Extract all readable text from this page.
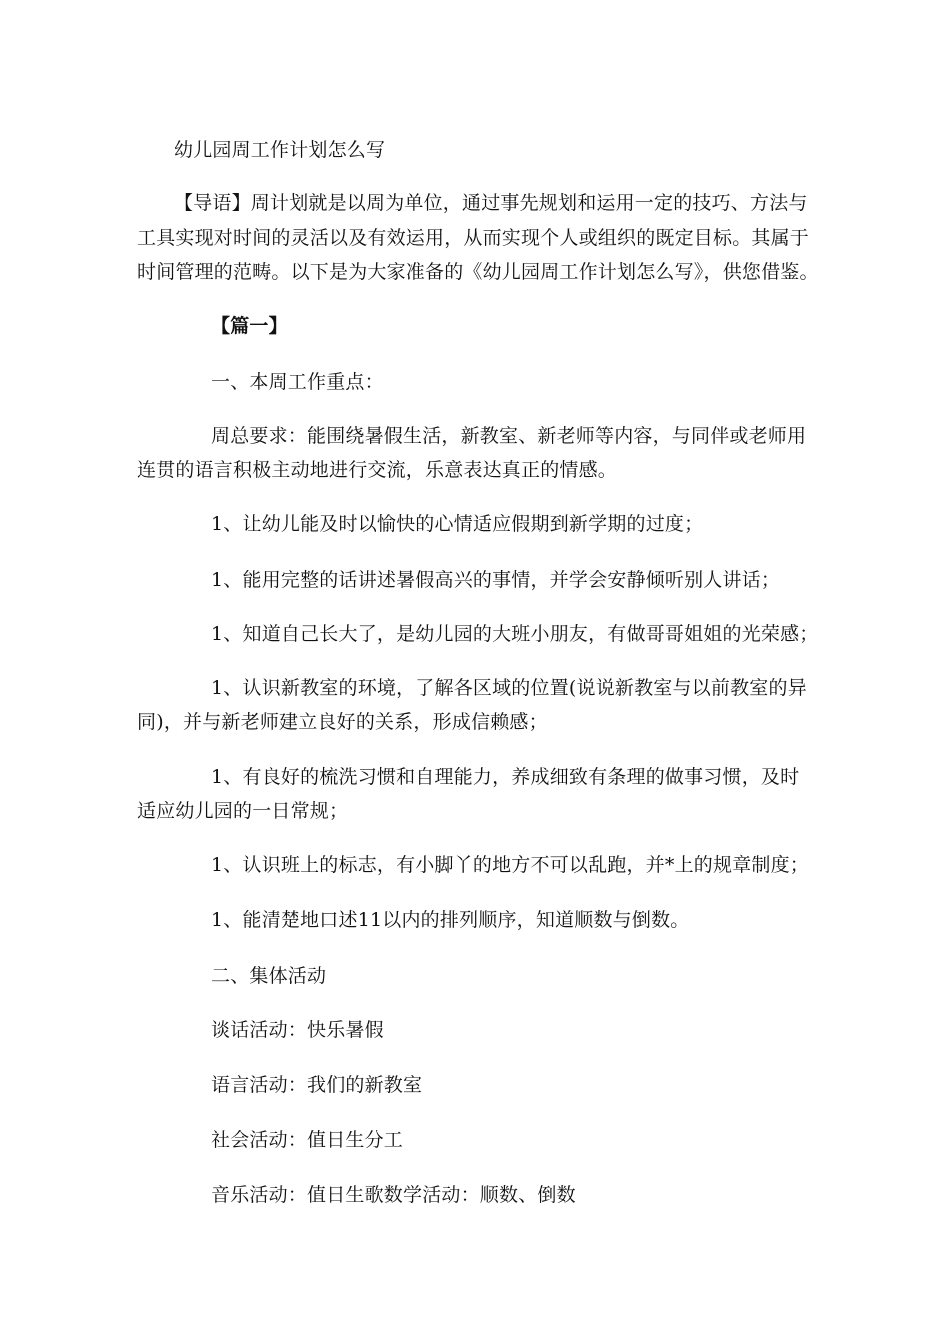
幼儿园周工作计划怎么写
【导语】周计划就是以周为单位，通过事先规划和运用一定的技巧、方法与
工具实现对时间的灵活以及有效运用，从而实现个人或组织的既定目标。其属于
时间管理的范畴。以下是为大家准备的《幼儿园周工作计划怎么写》，供您借鉴。
【篇一】
一、本周工作重点：
周总要求：能围绕暑假生活，新教室、新老师等内容，与同伴或老师用
连贯的语言积极主动地进行交流，乐意表达真正的情感。
1、让幼儿能及时以愉快的心情适应假期到新学期的过度；
1、能用完整的话讲述暑假高兴的事情，并学会安静倾听别人讲话；
1、知道自己长大了，是幼儿园的大班小朋友，有做哥哥姐姐的光荣感；
1、认识新教室的环境，了解各区域的位置(说说新教室与以前教室的异
同)，并与新老师建立良好的关系，形成信赖感；
1、有良好的梳洗习惯和自理能力，养成细致有条理的做事习惯，及时
适应幼儿园的一日常规；
1、认识班上的标志，有小脚丫的地方不可以乱跑，并*上的规章制度；
1、能清楚地口述11以内的排列顺序，知道顺数与倒数。
二、集体活动
谈话活动：快乐暑假
语言活动：我们的新教室
社会活动：值日生分工
音乐活动：值日生歌数学活动：顺数、倒数
